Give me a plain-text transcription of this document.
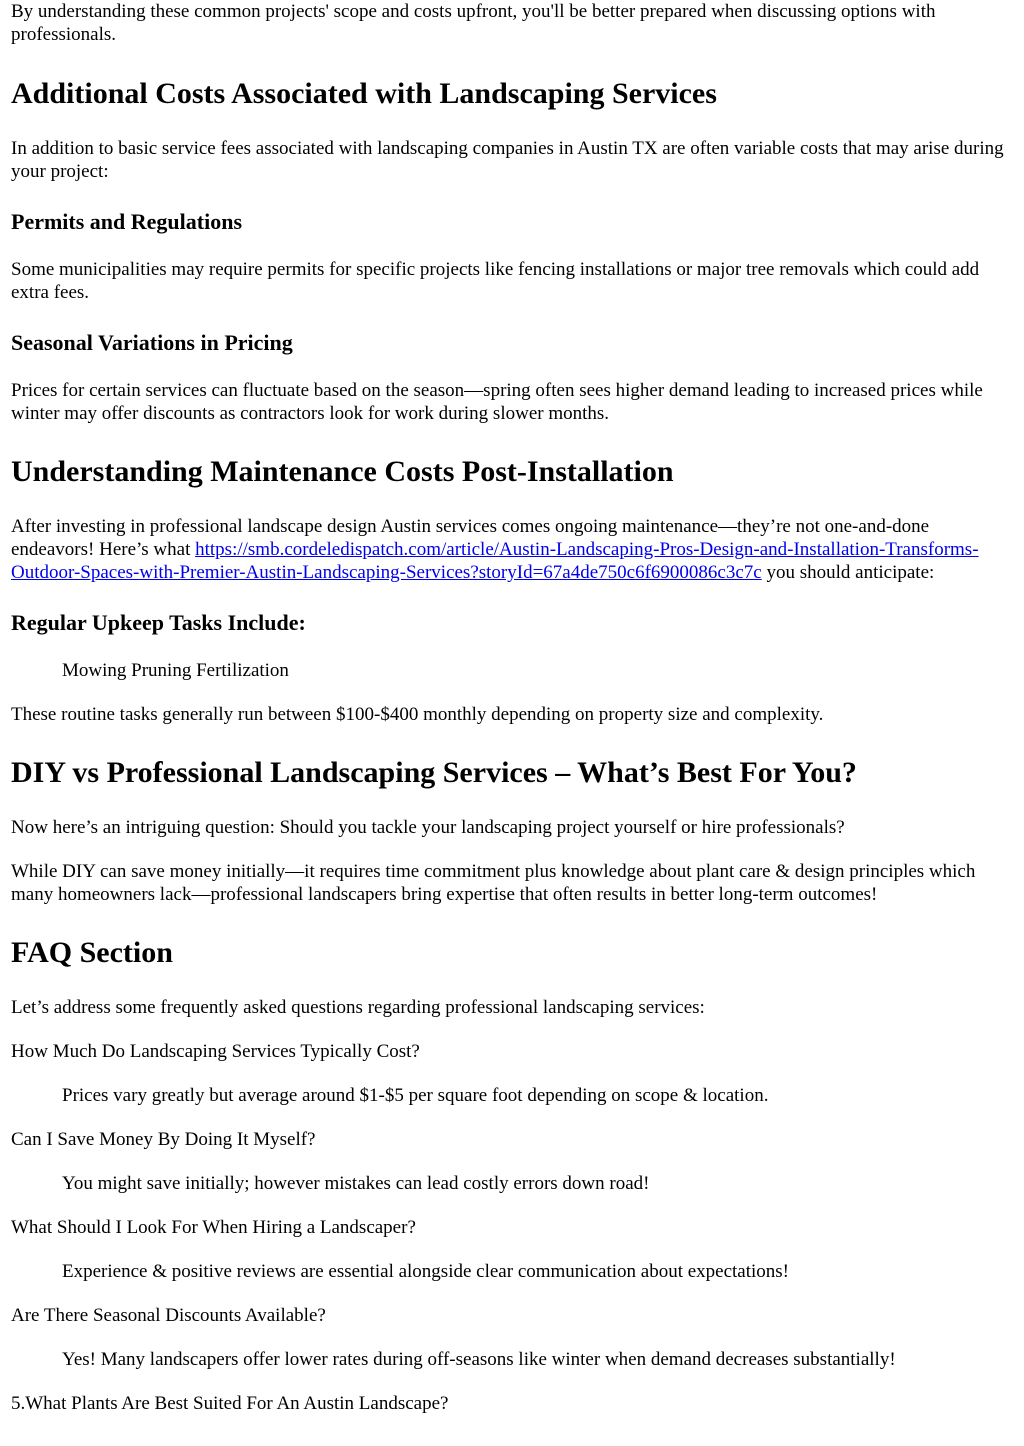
By understanding these common projects' scope and costs upfront, you'll be better prepared when discussing options with professionals.

Additional Costs Associated with Landscaping Services

In addition to basic service fees associated with landscaping companies in Austin TX are often variable costs that may arise during your project:

Permits and Regulations

Some municipalities may require permits for specific projects like fencing installations or major tree removals which could add extra fees.

Seasonal Variations in Pricing

Prices for certain services can fluctuate based on the season—spring often sees higher demand leading to increased prices while winter may offer discounts as contractors look for work during slower months.

Understanding Maintenance Costs Post-Installation

After investing in professional landscape design Austin services comes ongoing maintenance—they’re not one-and-done endeavors! Here’s what https://smb.cordeledispatch.com/article/Austin-Landscaping-Pros-Design-and-Installation-Transforms-Outdoor-Spaces-with-Premier-Austin-Landscaping-Services?storyId=67a4de750c6f6900086c3c7c you should anticipate:

Regular Upkeep Tasks Include:

Mowing Pruning Fertilization

These routine tasks generally run between $100-$400 monthly depending on property size and complexity.

DIY vs Professional Landscaping Services – What’s Best For You?

Now here’s an intriguing question: Should you tackle your landscaping project yourself or hire professionals?

While DIY can save money initially—it requires time commitment plus knowledge about plant care & design principles which many homeowners lack—professional landscapers bring expertise that often results in better long-term outcomes!

FAQ Section

Let’s address some frequently asked questions regarding professional landscaping services:

How Much Do Landscaping Services Typically Cost?

Prices vary greatly but average around $1-$5 per square foot depending on scope & location.

Can I Save Money By Doing It Myself?

You might save initially; however mistakes can lead costly errors down road!

What Should I Look For When Hiring a Landscaper?

Experience & positive reviews are essential alongside clear communication about expectations!

Are There Seasonal Discounts Available?

Yes! Many landscapers offer lower rates during off-seasons like winter when demand decreases substantially!

5.What Plants Are Best Suited For An Austin Landscape?
